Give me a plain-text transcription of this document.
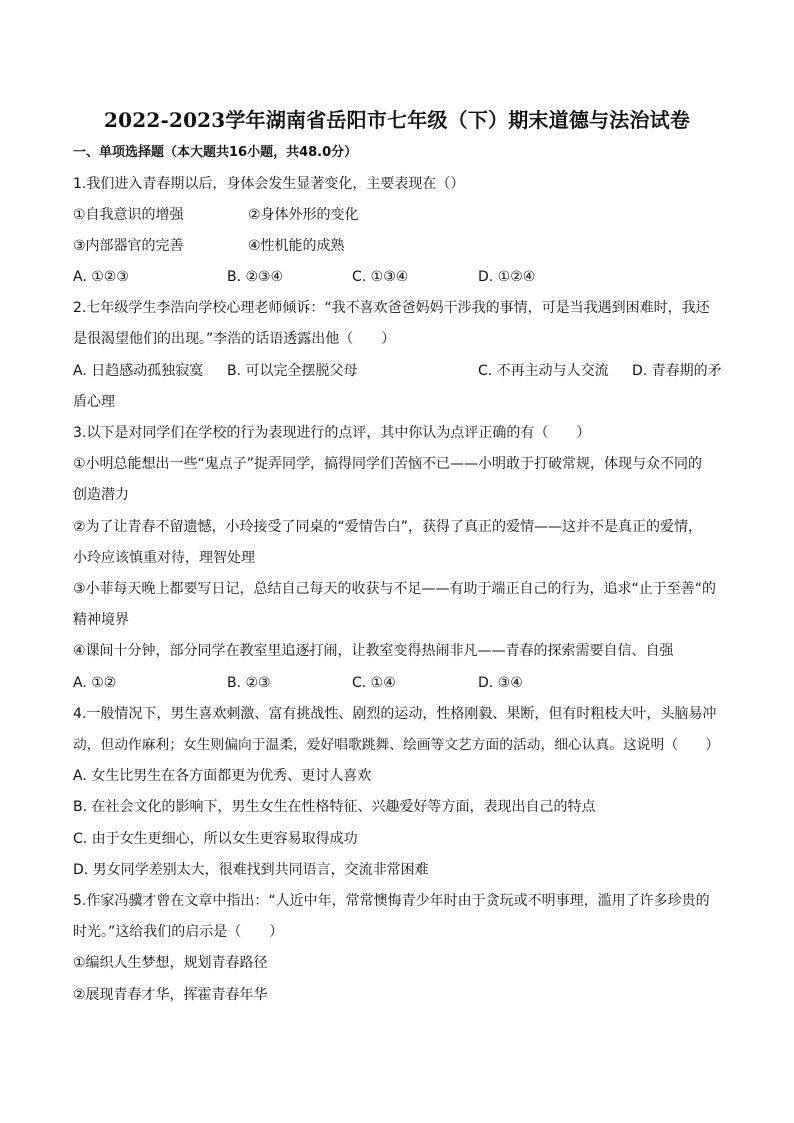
2022-2023学年湖南省岳阳市七年级（下）期末道德与法治试卷

一、单项选择题（本大题共16小题，共48.0分）

1.我们进入青春期以后，身体会发生显著变化，主要表现在（）

①自我意识的增强	②身体外形的变化

③内部器官的完善	④性机能的成熟

A. ①②③	B. ②③④	C. ①③④	D. ①②④

2.七年级学生李浩向学校心理老师倾诉：“我不喜欢爸爸妈妈干涉我的事情，可是当我遇到困难时，我还

是很渴望他们的出现。”李浩的话语透露出他（　　）

A. 日趋感动孤独寂寞 B. 可以完全摆脱父母	C. 不再主动与人交流 D. 青春期的矛

盾心理

3.以下是对同学们在学校的行为表现进行的点评，其中你认为点评正确的有（　　）

①小明总能想出一些“鬼点子”捉弄同学，搞得同学们苦恼不已——小明敢于打破常规，体现与众不同的

创造潜力

②为了让青春不留遗憾，小玲接受了同桌的“爱情告白”，获得了真正的爱情——这并不是真正的爱情，

小玲应该慎重对待，理智处理

③小菲每天晚上都要写日记，总结自己每天的收获与不足——有助于端正自己的行为，追求“止于至善“的

精神境界

④课间十分钟，部分同学在教室里追逐打闹，让教室变得热闹非凡——青春的探索需要自信、自强

A. ①②	B. ②③	C. ①④	D. ③④

4.一般情况下，男生喜欢刺激、富有挑战性、剧烈的运动，性格刚毅、果断，但有时粗枝大叶，头脑易冲

动，但动作麻利；女生则偏向于温柔，爱好唱歌跳舞、绘画等文艺方面的活动，细心认真。这说明（　　）

A. 女生比男生在各方面都更为优秀、更讨人喜欢

B. 在社会文化的影响下，男生女生在性格特征、兴趣爱好等方面，表现出自己的特点

C. 由于女生更细心，所以女生更容易取得成功

D. 男女同学差别太大，很难找到共同语言，交流非常困难

5.作家冯骥才曾在文章中指出：“人近中年，常常懊悔青少年时由于贪玩或不明事理，滥用了许多珍贵的

时光。”这给我们的启示是（　　）

①编织人生梦想，规划青春路径

②展现青春才华，挥霍青春年华
